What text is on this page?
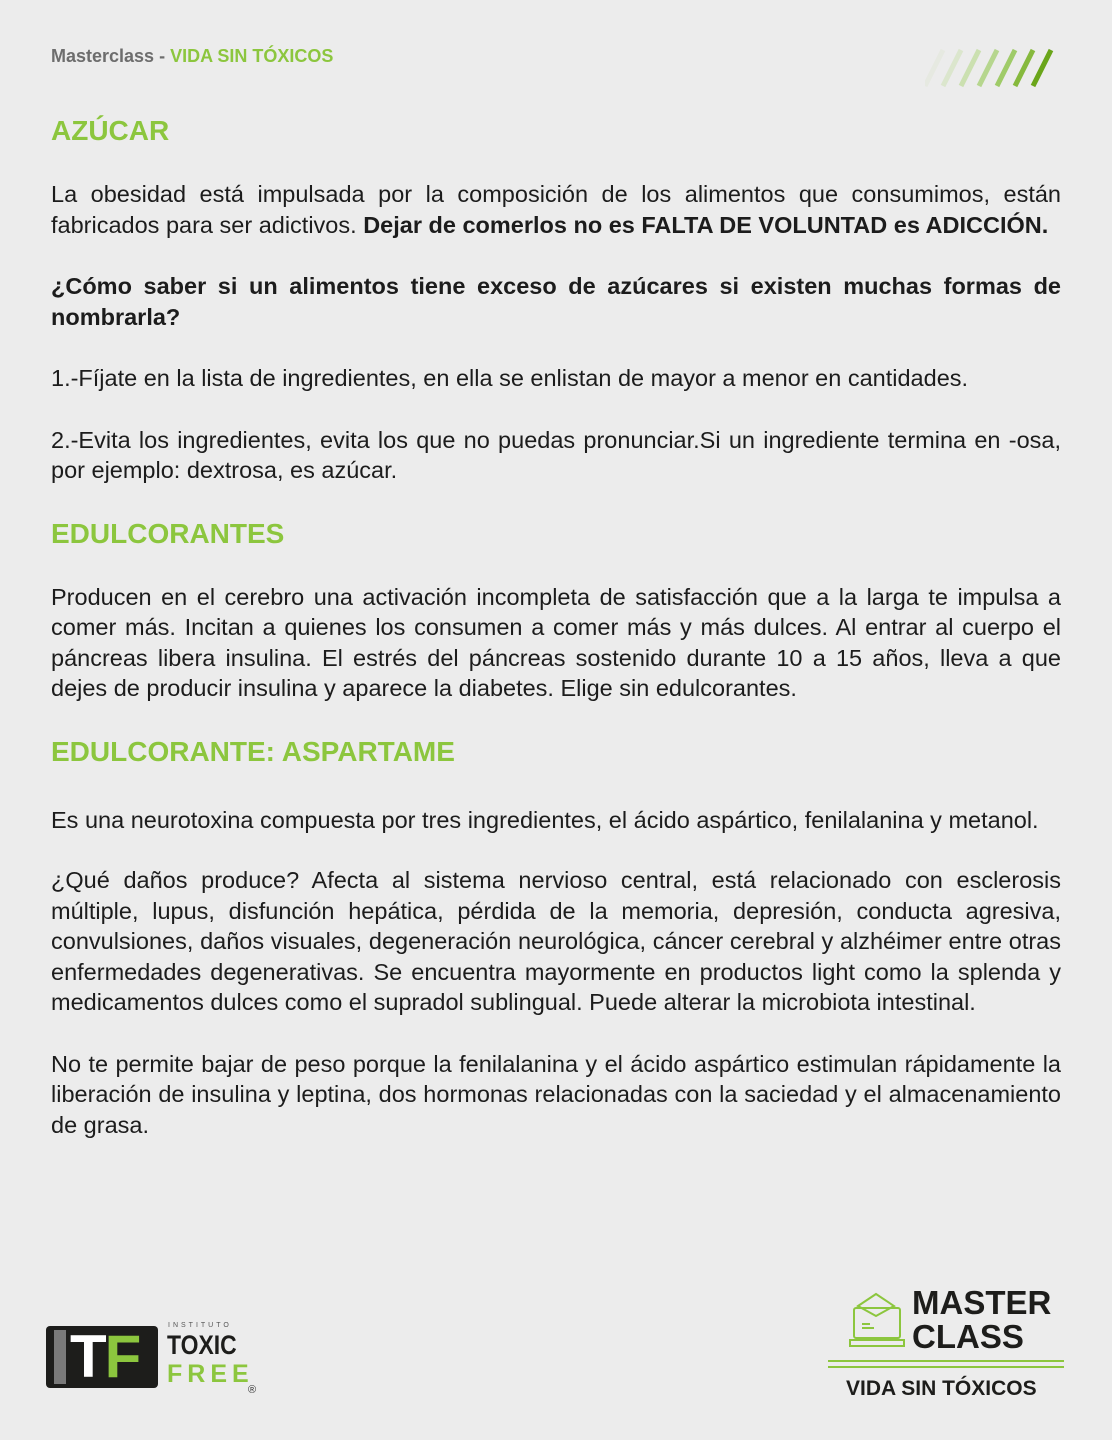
Masterclass - VIDA SIN TÓXICOS
AZÚCAR
La obesidad está impulsada por la composición de los alimentos que consumimos, están fabricados para ser adictivos. Dejar de comerlos no es FALTA DE VOLUNTAD es ADICCIÓN.
¿Cómo saber si un alimentos tiene exceso de azúcares si existen muchas formas de nombrarla?
1.-Fíjate en la lista de ingredientes, en ella se enlistan de mayor a menor en cantidades.
2.-Evita los ingredientes, evita los que no puedas pronunciar.Si un ingrediente termina en -osa, por ejemplo: dextrosa, es azúcar.
EDULCORANTES
Producen en el cerebro una activación incompleta de satisfacción que a la larga te impulsa a comer más. Incitan a quienes los consumen a comer más y más dulces. Al entrar al cuerpo el páncreas libera insulina. El estrés del páncreas sostenido durante 10 a 15 años, lleva a que dejes de producir insulina y aparece la diabetes. Elige sin edulcorantes.
EDULCORANTE: ASPARTAME
Es una neurotoxina compuesta por tres ingredientes, el ácido aspártico, fenilalanina y metanol.
¿Qué daños produce? Afecta al sistema nervioso central, está relacionado con esclerosis múltiple, lupus, disfunción hepática, pérdida de la memoria, depresión, conducta agresiva, convulsiones, daños visuales, degeneración neurológica, cáncer cerebral y alzhéimer entre otras enfermedades degenerativas. Se encuentra mayormente en productos light como la splenda y medicamentos dulces como el supradol sublingual. Puede alterar la microbiota intestinal.
No te permite bajar de peso porque la fenilalanina y el ácido aspártico estimulan rápidamente la liberación de insulina y leptina, dos hormonas relacionadas con la saciedad y el almacenamiento de grasa.
TF	INSTITUTO
TOXIC
FREE
®
MASTER
CLASS
VIDA SIN TÓXICOS
